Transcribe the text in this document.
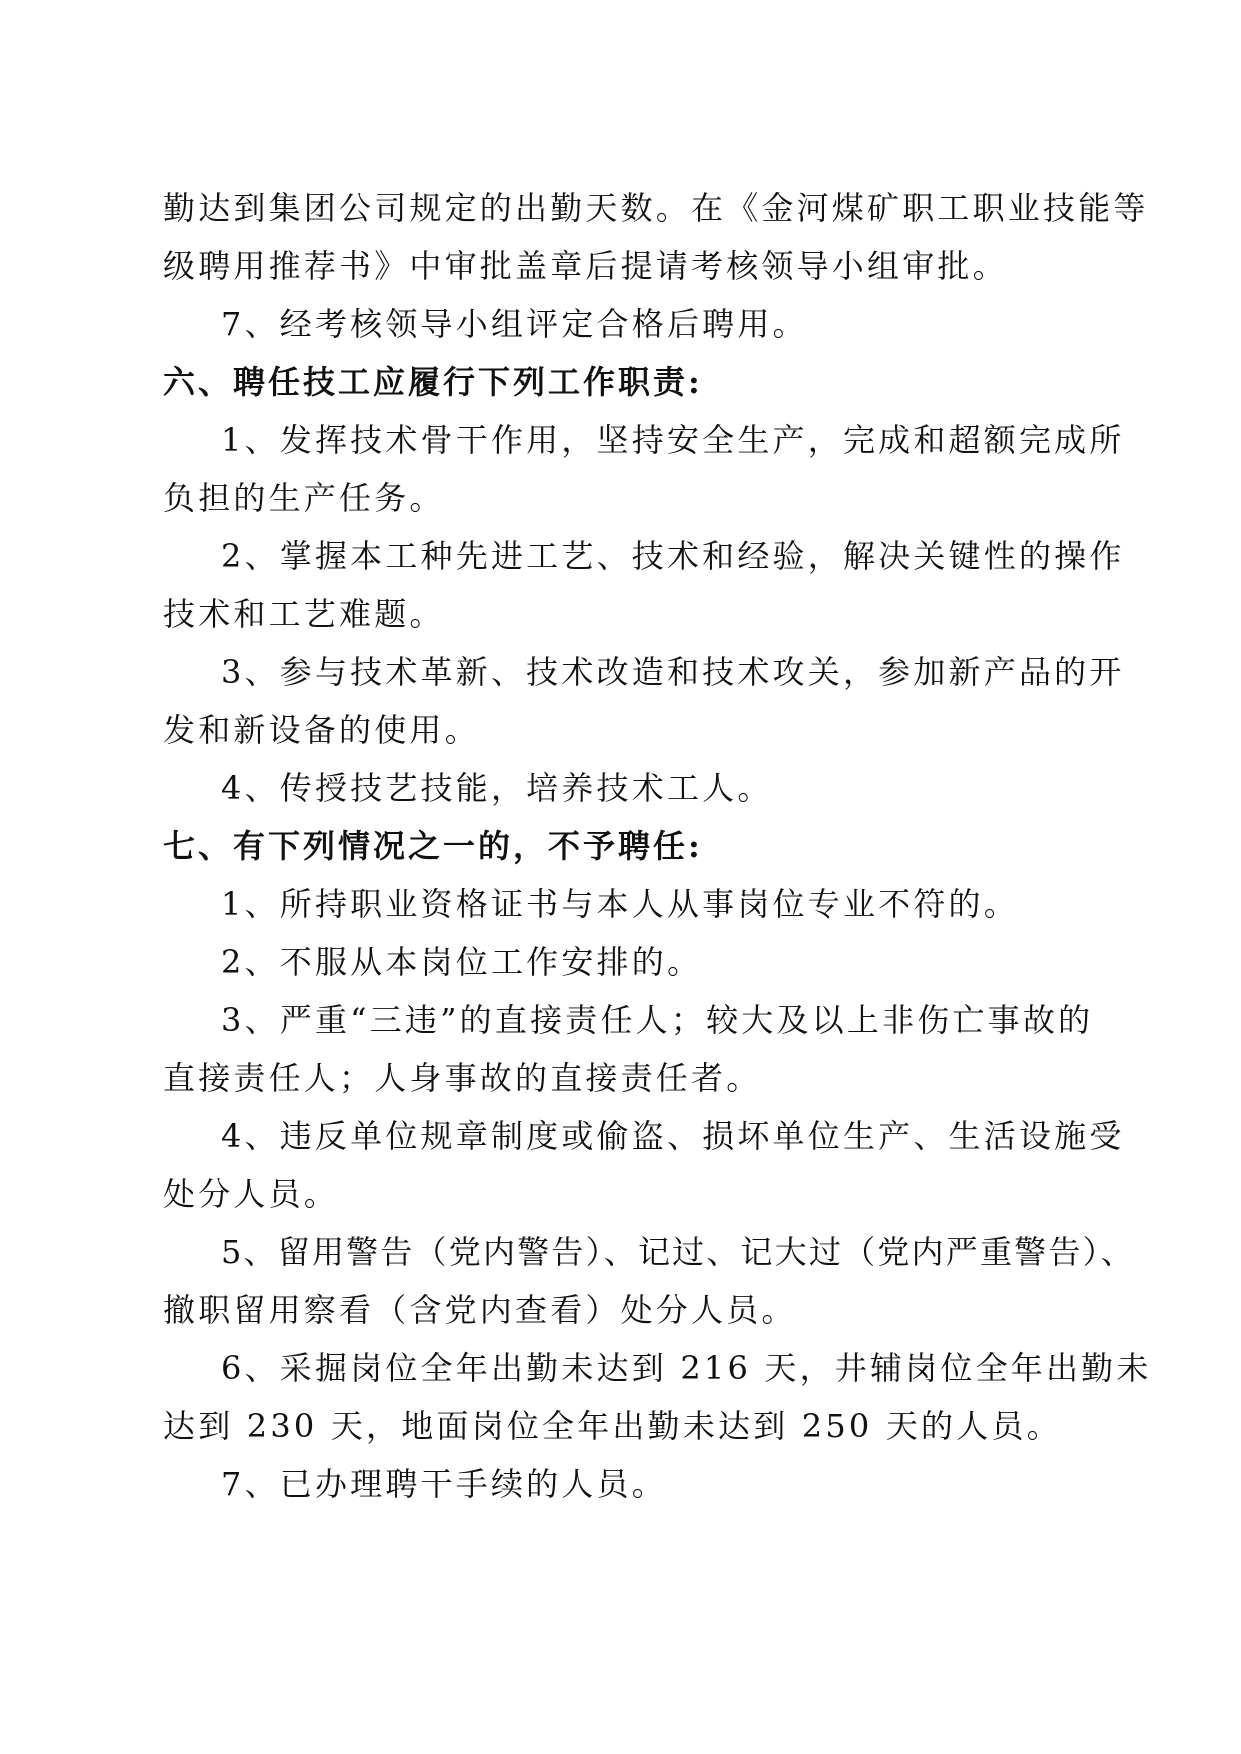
勤达到集团公司规定的出勤天数。在《金河煤矿职工职业技能等

级聘用推荐书》中审批盖章后提请考核领导小组审批。

7、经考核领导小组评定合格后聘用。

六、聘任技工应履行下列工作职责:

1、发挥技术骨干作用，坚持安全生产，完成和超额完成所

负担的生产任务。

2、掌握本工种先进工艺、技术和经验，解决关键性的操作

技术和工艺难题。

3、参与技术革新、技术改造和技术攻关，参加新产品的开

发和新设备的使用。

4、传授技艺技能，培养技术工人。

七、有下列情况之一的，不予聘任:

1、所持职业资格证书与本人从事岗位专业不符的。

2、不服从本岗位工作安排的。

3、严重“三违”的直接责任人；较大及以上非伤亡事故的

直接责任人；人身事故的直接责任者。

4、违反单位规章制度或偷盗、损坏单位生产、生活设施受

处分人员。

5、留用警告（党内警告）、记过、记大过（党内严重警告）、

撤职留用察看（含党内查看）处分人员。

6、采掘岗位全年出勤未达到 216 天，井辅岗位全年出勤未

达到 230 天，地面岗位全年出勤未达到 250 天的人员。

7、已办理聘干手续的人员。
